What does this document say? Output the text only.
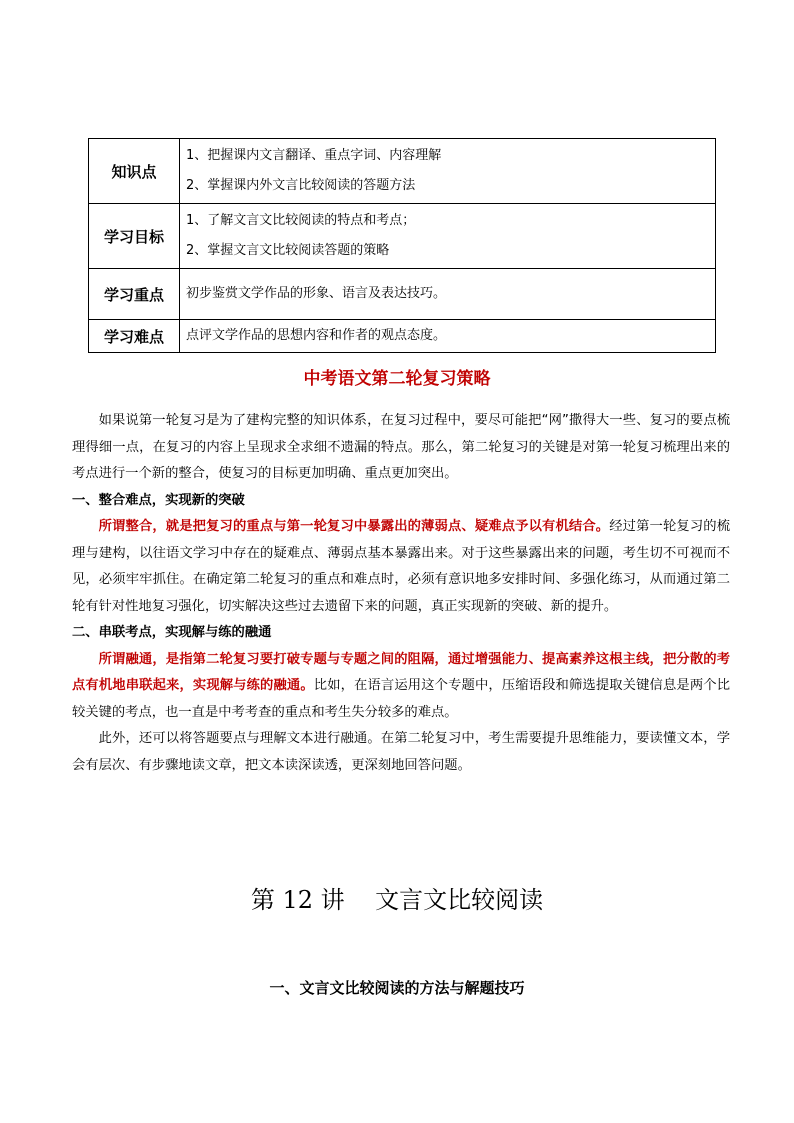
知识点	1、把握课内文言翻译、重点字词、内容理解
2、掌握课内外文言比较阅读的答题方法

学习目标	1、了解文言文比较阅读的特点和考点；
2、掌握文言文比较阅读答题的策略

学习重点	初步鉴赏文学作品的形象、语言及表达技巧。

学习难点	点评文学作品的思想内容和作者的观点态度。
中考语文第二轮复习策略

如果说第一轮复习是为了建构完整的知识体系，在复习过程中，要尽可能把“网”撒得大一些、复习的要点梳理得细一点，在复习的内容上呈现求全求细不遗漏的特点。那么，第二轮复习的关键是对第一轮复习梳理出来的考点进行一个新的整合，使复习的目标更加明确、重点更加突出。

一、整合难点，实现新的突破

所谓整合，就是把复习的重点与第一轮复习中暴露出的薄弱点、疑难点予以有机结合。经过第一轮复习的梳理与建构，以往语文学习中存在的疑难点、薄弱点基本暴露出来。对于这些暴露出来的问题，考生切不可视而不见，必须牢牢抓住。在确定第二轮复习的重点和难点时，必须有意识地多安排时间、多强化练习，从而通过第二轮有针对性地复习强化，切实解决这些过去遗留下来的问题，真正实现新的突破、新的提升。

二、串联考点，实现解与练的融通

所谓融通，是指第二轮复习要打破专题与专题之间的阻隔，通过增强能力、提高素养这根主线，把分散的考点有机地串联起来，实现解与练的融通。比如，在语言运用这个专题中，压缩语段和筛选提取关键信息是两个比较关键的考点，也一直是中考考查的重点和考生失分较多的难点。

此外，还可以将答题要点与理解文本进行融通。在第二轮复习中，考生需要提升思维能力，要读懂文本，学会有层次、有步骤地读文章，把文本读深读透，更深刻地回答问题。

第 12 讲    文言文比较阅读
一、文言文比较阅读的方法与解题技巧
